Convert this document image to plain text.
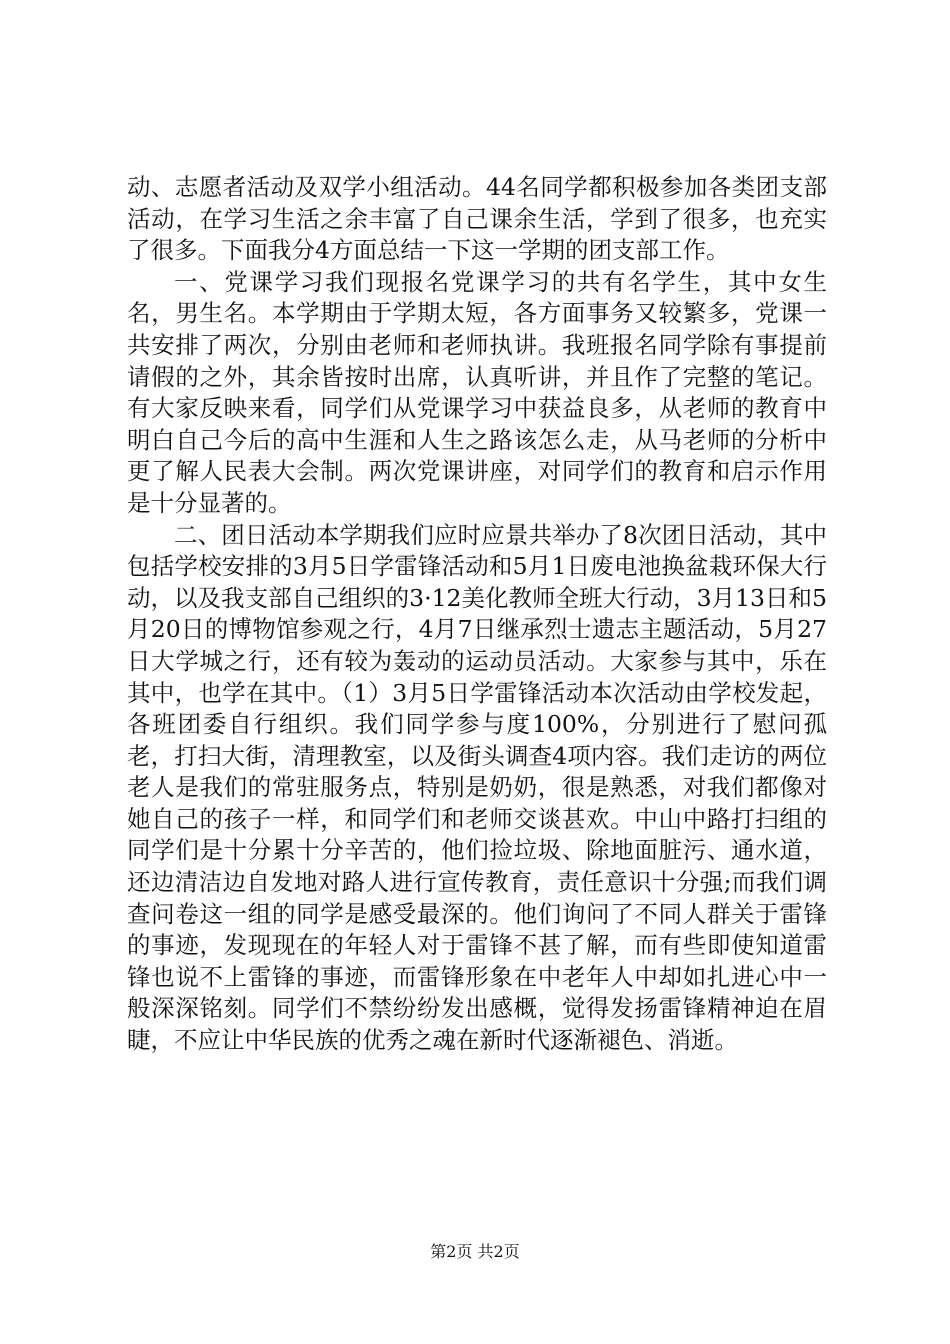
动、志愿者活动及双学小组活动。44名同学都积极参加各类团支部活动，在学习生活之余丰富了自己课余生活，学到了很多，也充实了很多。下面我分4方面总结一下这一学期的团支部工作。

一、党课学习我们现报名党课学习的共有名学生，其中女生名，男生名。本学期由于学期太短，各方面事务又较繁多，党课一共安排了两次，分别由老师和老师执讲。我班报名同学除有事提前请假的之外，其余皆按时出席，认真听讲，并且作了完整的笔记。有大家反映来看，同学们从党课学习中获益良多，从老师的教育中明白自己今后的高中生涯和人生之路该怎么走，从马老师的分析中更了解人民表大会制。两次党课讲座，对同学们的教育和启示作用是十分显著的。

二、团日活动本学期我们应时应景共举办了8次团日活动，其中包括学校安排的3月5日学雷锋活动和5月1日废电池换盆栽环保大行动，以及我支部自己组织的3·12美化教师全班大行动，3月13日和5月20日的博物馆参观之行，4月7日继承烈士遗志主题活动，5月27日大学城之行，还有较为轰动的运动员活动。大家参与其中，乐在其中，也学在其中。（1）3月5日学雷锋活动本次活动由学校发起，各班团委自行组织。我们同学参与度100%，分别进行了慰问孤老，打扫大街，清理教室，以及街头调查4项内容。我们走访的两位老人是我们的常驻服务点，特别是奶奶，很是熟悉，对我们都像对她自己的孩子一样，和同学们和老师交谈甚欢。中山中路打扫组的同学们是十分累十分辛苦的，他们捡垃圾、除地面脏污、通水道，还边清洁边自发地对路人进行宣传教育，责任意识十分强;而我们调查问卷这一组的同学是感受最深的。他们询问了不同人群关于雷锋的事迹，发现现在的年轻人对于雷锋不甚了解，而有些即使知道雷锋也说不上雷锋的事迹，而雷锋形象在中老年人中却如扎进心中一般深深铭刻。同学们不禁纷纷发出感概，觉得发扬雷锋精神迫在眉睫，不应让中华民族的优秀之魂在新时代逐渐褪色、消逝。

第2页 共2页
